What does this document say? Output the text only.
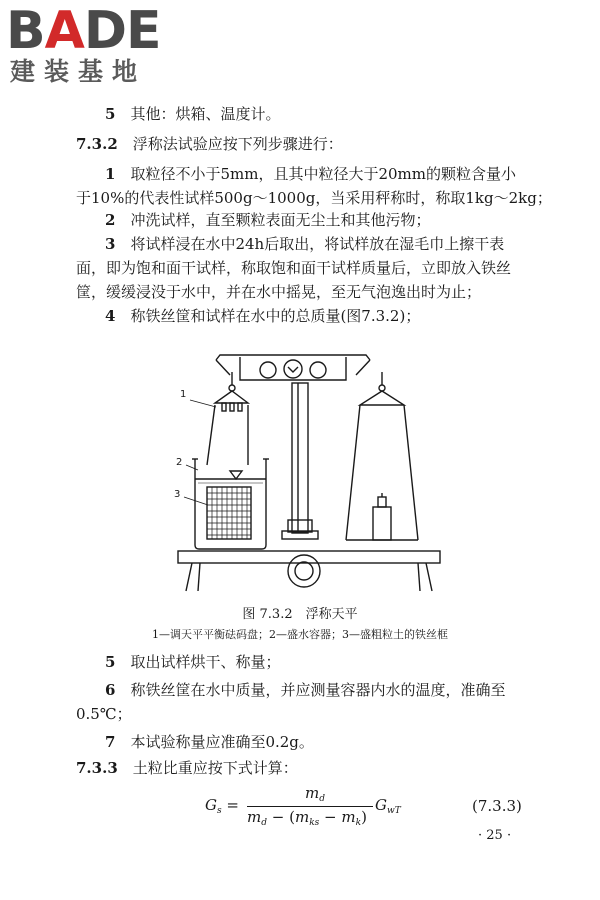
BADE
建装基地
5　 其他：烘箱、温度计。
7.3.2　 浮称法试验应按下列步骤进行：
1　 取粒径不小于5mm，且其中粒径大于20mm的颗粒含量小
于10%的代表性试样500g～1000g，当采用秤称时，称取1kg～2kg；
2　 冲洗试样，直至颗粒表面无尘土和其他污物；
3　 将试样浸在水中24h后取出，将试样放在湿毛巾上擦干表
面，即为饱和面干试样，称取饱和面干试样质量后，立即放入铁丝
筐，缓缓浸没于水中，并在水中摇晃，至无气泡逸出时为止；
4　 称铁丝筐和试样在水中的总质量(图7.3.2)；
1
2
3
图 7.3.2　浮称天平
1—调天平平衡砝码盘；2—盛水容器；3—盛粗粒土的铁丝框
5　 取出试样烘干、称量；
6　 称铁丝筐在水中质量，并应测量容器内水的温度，准确至
0.5℃；
7　 本试验称量应准确至0.2g。
7.3.3　 土粒比重应按下式计算：
$G_s$ =
$m_d$
$m_d - (m_{ks} - m_k)$
$G_{wT}$	(7.3.3)
· 25 ·
